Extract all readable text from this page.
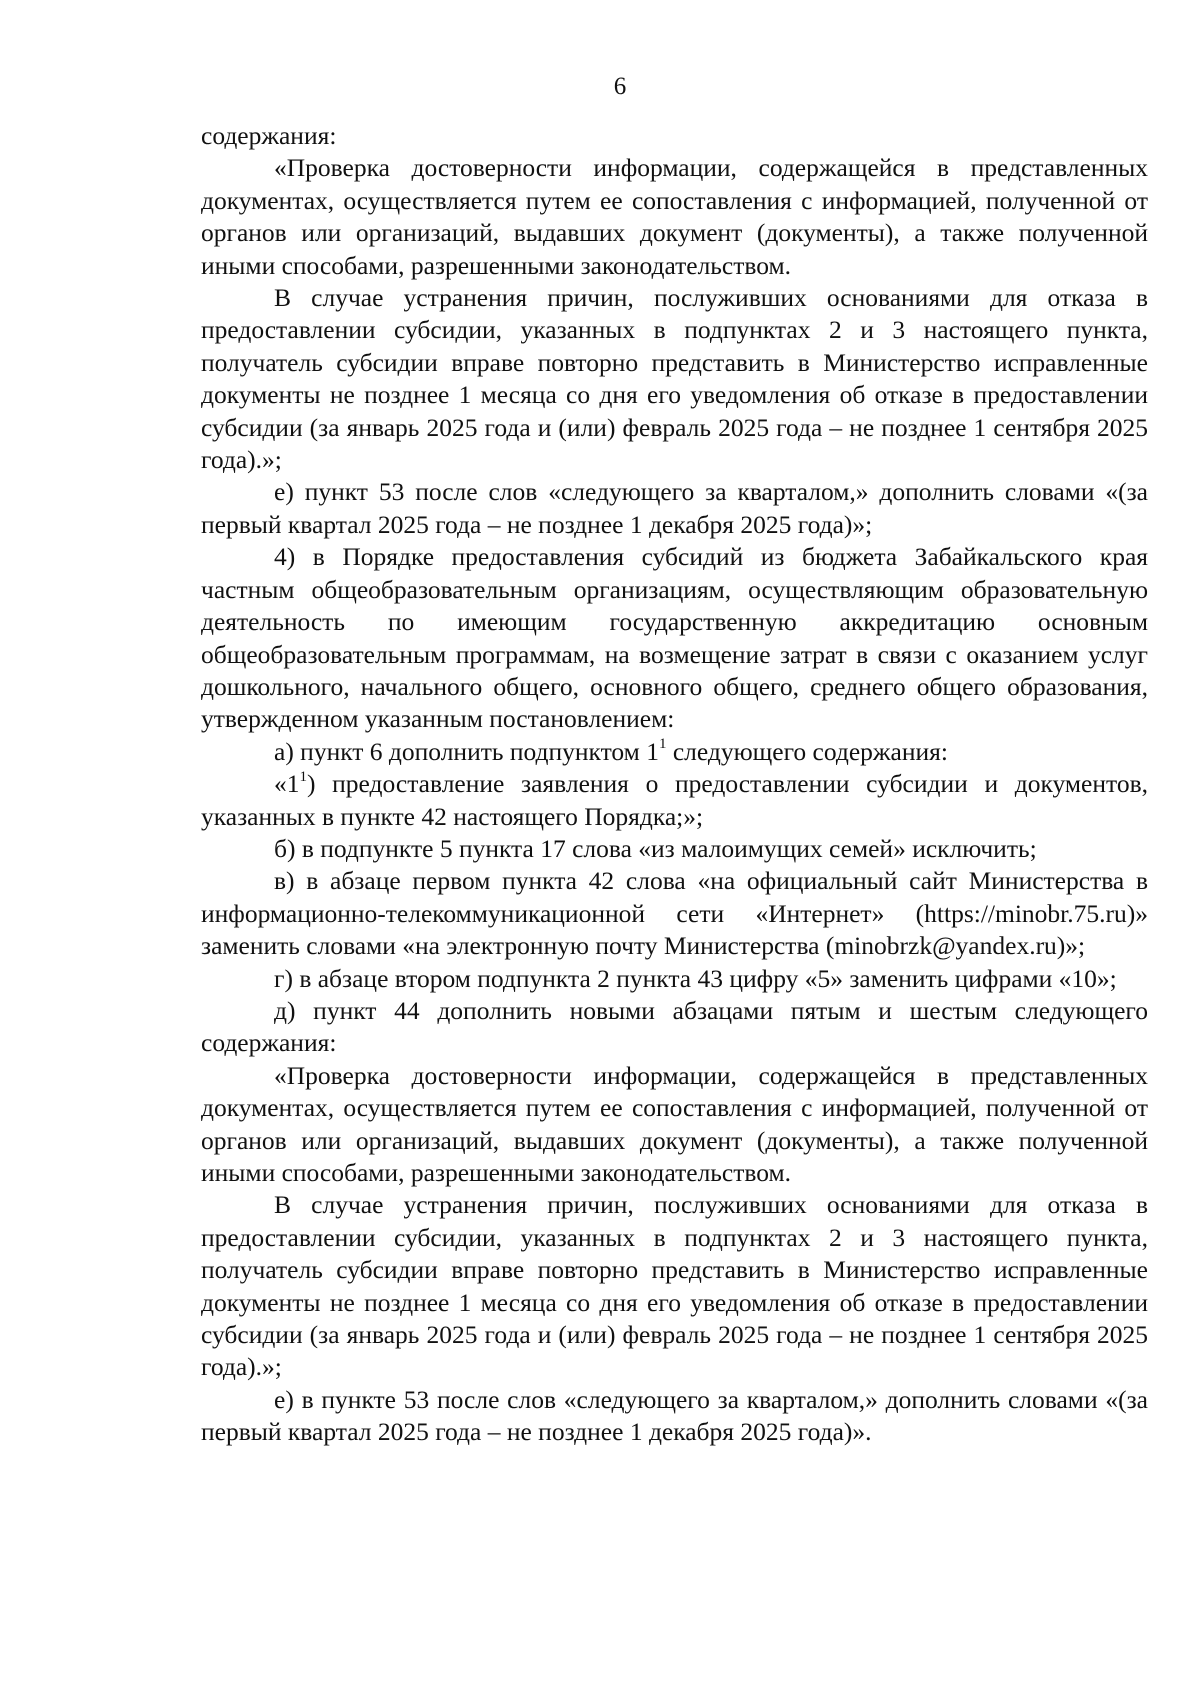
6

содержания:

«Проверка достоверности информации, содержащейся в представленных документах, осуществляется путем ее сопоставления с информацией, полученной от органов или организаций, выдавших документ (документы), а также полученной иными способами, разрешенными законодательством.

В случае устранения причин, послуживших основаниями для отказа в предоставлении субсидии, указанных в подпунктах 2 и 3 настоящего пункта, получатель субсидии вправе повторно представить в Министерство исправленные документы не позднее 1 месяца со дня его уведомления об отказе в предоставлении субсидии (за январь 2025 года и (или) февраль 2025 года – не позднее 1 сентября 2025 года).»;

е) пункт 53 после слов «следующего за кварталом,» дополнить словами «(за первый квартал 2025 года – не позднее 1 декабря 2025 года)»;

4) в Порядке предоставления субсидий из бюджета Забайкальского края частным общеобразовательным организациям, осуществляющим образовательную деятельность по имеющим государственную аккредитацию основным общеобразовательным программам, на возмещение затрат в связи с оказанием услуг дошкольного, начального общего, основного общего, среднего общего образования, утвержденном указанным постановлением:

а) пункт 6 дополнить подпунктом $1^1$ следующего содержания:

«$1^1$) предоставление заявления о предоставлении субсидии и документов, указанных в пункте 42 настоящего Порядка;»;

б) в подпункте 5 пункта 17 слова «из малоимущих семей» исключить;

в) в абзаце первом пункта 42 слова «на официальный сайт Министерства в информационно-телекоммуникационной сети «Интернет» (https://minobr.75.ru)» заменить словами «на электронную почту Министерства (minobrzk@yandex.ru)»;

г) в абзаце втором подпункта 2 пункта 43 цифру «5» заменить цифрами «10»;

д) пункт 44 дополнить новыми абзацами пятым и шестым следующего содержания:

«Проверка достоверности информации, содержащейся в представленных документах, осуществляется путем ее сопоставления с информацией, полученной от органов или организаций, выдавших документ (документы), а также полученной иными способами, разрешенными законодательством.

В случае устранения причин, послуживших основаниями для отказа в предоставлении субсидии, указанных в подпунктах 2 и 3 настоящего пункта, получатель субсидии вправе повторно представить в Министерство исправленные документы не позднее 1 месяца со дня его уведомления об отказе в предоставлении субсидии (за январь 2025 года и (или) февраль 2025 года – не позднее 1 сентября 2025 года).»;

е) в пункте 53 после слов «следующего за кварталом,» дополнить словами «(за первый квартал 2025 года – не позднее 1 декабря 2025 года)».
